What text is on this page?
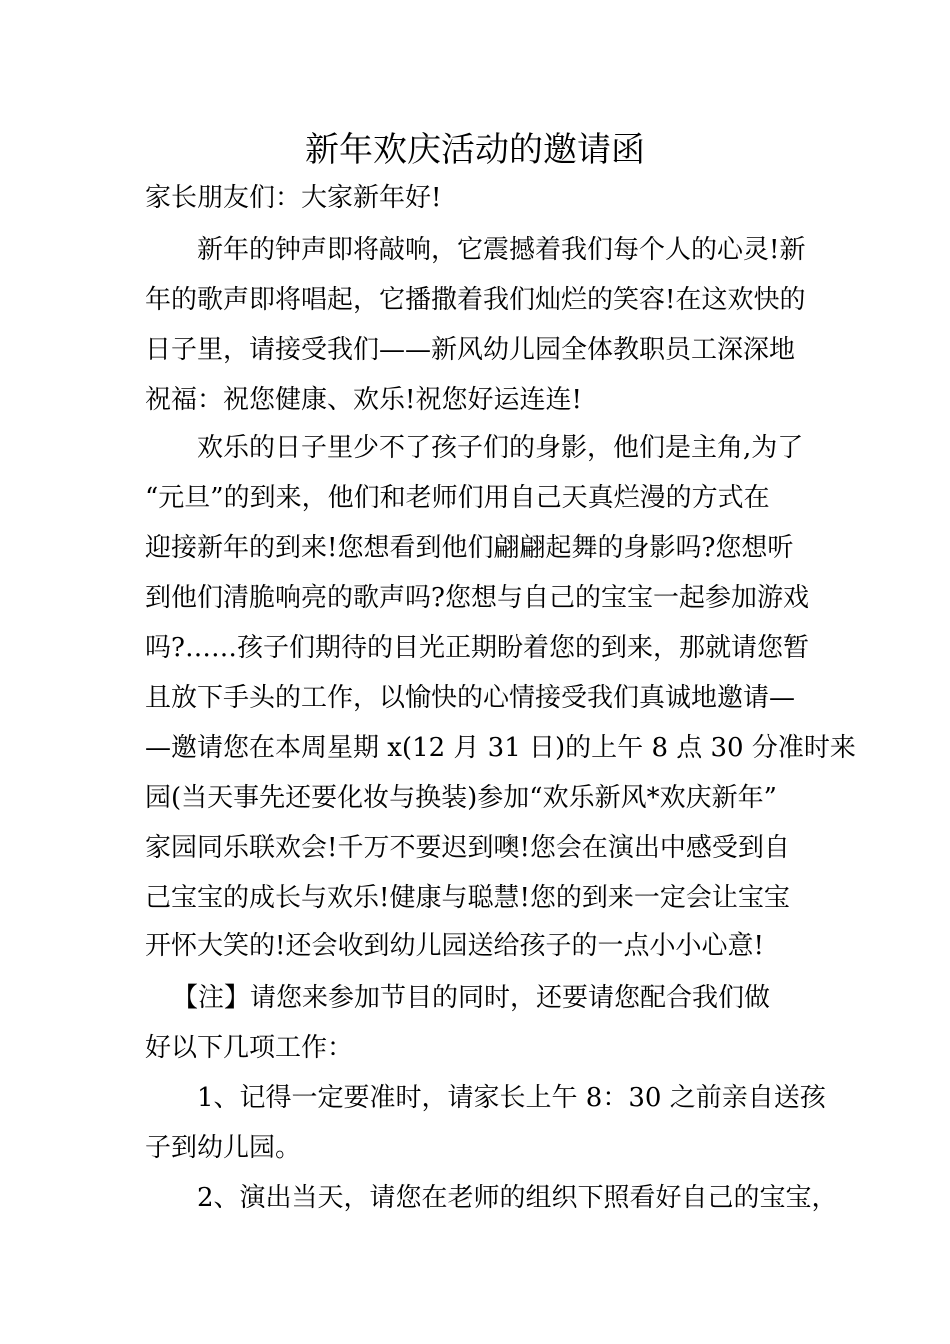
新年欢庆活动的邀请函
家长朋友们：大家新年好!
新年的钟声即将敲响，它震撼着我们每个人的心灵!新
年的歌声即将唱起，它播撒着我们灿烂的笑容!在这欢快的
日子里，请接受我们——新风幼儿园全体教职员工深深地
祝福：祝您健康、欢乐!祝您好运连连!
欢乐的日子里少不了孩子们的身影，他们是主角,为了
“元旦”的到来，他们和老师们用自己天真烂漫的方式在
迎接新年的到来!您想看到他们翩翩起舞的身影吗?您想听
到他们清脆响亮的歌声吗?您想与自己的宝宝一起参加游戏
吗?……孩子们期待的目光正期盼着您的到来，那就请您暂
且放下手头的工作，以愉快的心情接受我们真诚地邀请—
—邀请您在本周星期 x(12 月 31 日)的上午 8 点 30 分准时来
园(当天事先还要化妆与换装)参加“欢乐新风*欢庆新年”
家园同乐联欢会!千万不要迟到噢!您会在演出中感受到自
己宝宝的成长与欢乐!健康与聪慧!您的到来一定会让宝宝
开怀大笑的!还会收到幼儿园送给孩子的一点小小心意!
【注】请您来参加节目的同时，还要请您配合我们做
好以下几项工作：
1、记得一定要准时，请家长上午 8：30 之前亲自送孩
子到幼儿园。
2、演出当天，请您在老师的组织下照看好自己的宝宝，
